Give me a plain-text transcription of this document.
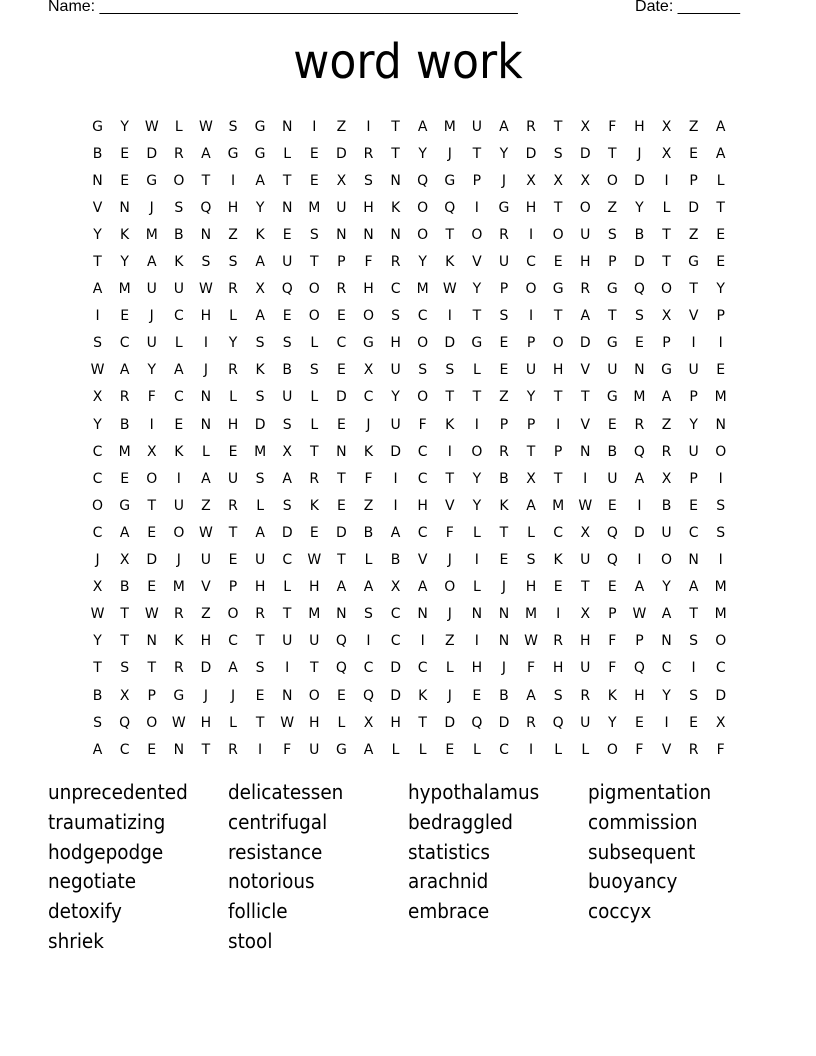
Name: _______________________________________________	Date: _______
word work
G	Y	W	L	W	S	G	N	I	Z	I	T	A	M	U	A	R	T	X	F	H	X	Z	A
B	E	D	R	A	G	G	L	E	D	R	T	Y	J	T	Y	D	S	D	T	J	X	E	A
N	E	G	O	T	I	A	T	E	X	S	N	Q	G	P	J	X	X	X	O	D	I	P	L
V	N	J	S	Q	H	Y	N	M	U	H	K	O	Q	I	G	H	T	O	Z	Y	L	D	T
Y	K	M	B	N	Z	K	E	S	N	N	N	O	T	O	R	I	O	U	S	B	T	Z	E
T	Y	A	K	S	S	A	U	T	P	F	R	Y	K	V	U	C	E	H	P	D	T	G	E
A	M	U	U	W	R	X	Q	O	R	H	C	M	W	Y	P	O	G	R	G	Q	O	T	Y
I	E	J	C	H	L	A	E	O	E	O	S	C	I	T	S	I	T	A	T	S	X	V	P
S	C	U	L	I	Y	S	S	L	C	G	H	O	D	G	E	P	O	D	G	E	P	I	I
W	A	Y	A	J	R	K	B	S	E	X	U	S	S	L	E	U	H	V	U	N	G	U	E
X	R	F	C	N	L	S	U	L	D	C	Y	O	T	T	Z	Y	T	T	G	M	A	P	M
Y	B	I	E	N	H	D	S	L	E	J	U	F	K	I	P	P	I	V	E	R	Z	Y	N
C	M	X	K	L	E	M	X	T	N	K	D	C	I	O	R	T	P	N	B	Q	R	U	O
C	E	O	I	A	U	S	A	R	T	F	I	C	T	Y	B	X	T	I	U	A	X	P	I
O	G	T	U	Z	R	L	S	K	E	Z	I	H	V	Y	K	A	M	W	E	I	B	E	S
C	A	E	O	W	T	A	D	E	D	B	A	C	F	L	T	L	C	X	Q	D	U	C	S
J	X	D	J	U	E	U	C	W	T	L	B	V	J	I	E	S	K	U	Q	I	O	N	I
X	B	E	M	V	P	H	L	H	A	A	X	A	O	L	J	H	E	T	E	A	Y	A	M
W	T	W	R	Z	O	R	T	M	N	S	C	N	J	N	N	M	I	X	P	W	A	T	M
Y	T	N	K	H	C	T	U	U	Q	I	C	I	Z	I	N	W	R	H	F	P	N	S	O
T	S	T	R	D	A	S	I	T	Q	C	D	C	L	H	J	F	H	U	F	Q	C	I	C
B	X	P	G	J	J	E	N	O	E	Q	D	K	J	E	B	A	S	R	K	H	Y	S	D
S	Q	O	W	H	L	T	W	H	L	X	H	T	D	Q	D	R	Q	U	Y	E	I	E	X
A	C	E	N	T	R	I	F	U	G	A	L	L	E	L	C	I	L	L	O	F	V	R	F
unprecedented	delicatessen	hypothalamus	pigmentation
traumatizing	centrifugal	bedraggled	commission
hodgepodge	resistance	statistics	subsequent
negotiate	notorious	arachnid	buoyancy
detoxify	follicle	embrace	coccyx
shriek	stool
